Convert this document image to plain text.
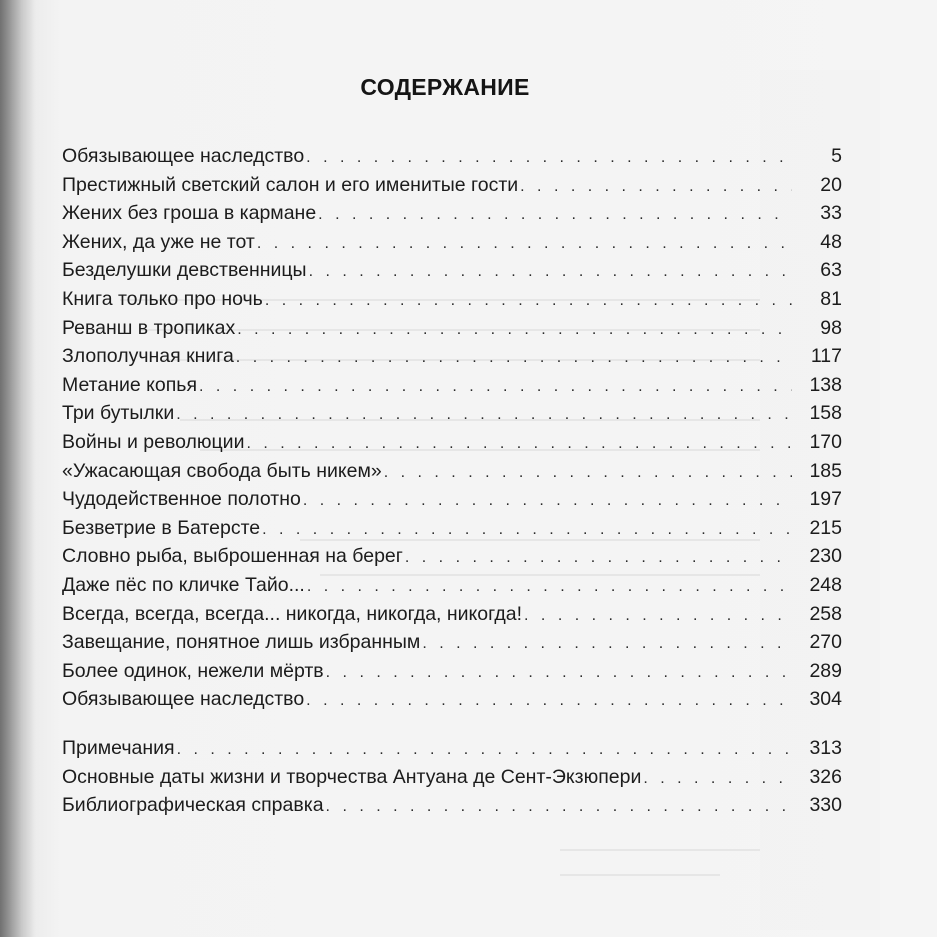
СОДЕРЖАНИЕ
Обязывающее наследство . . .	5
Престижный светский салон и его именитые гости . . .	20
Жених без гроша в кармане . . .	33
Жених, да уже не тот . . .	48
Безделушки девственницы . . .	63
Книга только про ночь . . .	81
Реванш в тропиках . . .	98
Злополучная книга . . .	117
Метание копья . . .	138
Три бутылки . . .	158
Войны и революции . . .	170
«Ужасающая свобода быть никем» . . .	185
Чудодейственное полотно . . .	197
Безветрие в Батерсте . . .	215
Словно рыба, выброшенная на берег . . .	230
Даже пёс по кличке Тайо... . . .	248
Всегда, всегда, всегда... никогда, никогда, никогда! . . .	258
Завещание, понятное лишь избранным . . .	270
Более одинок, нежели мёртв . . .	289
Обязывающее наследство . . .	304
Примечания . . .	313
Основные даты жизни и творчества Антуана де Сент-Экзюпери . . .	326
Библиографическая справка . . .	330
